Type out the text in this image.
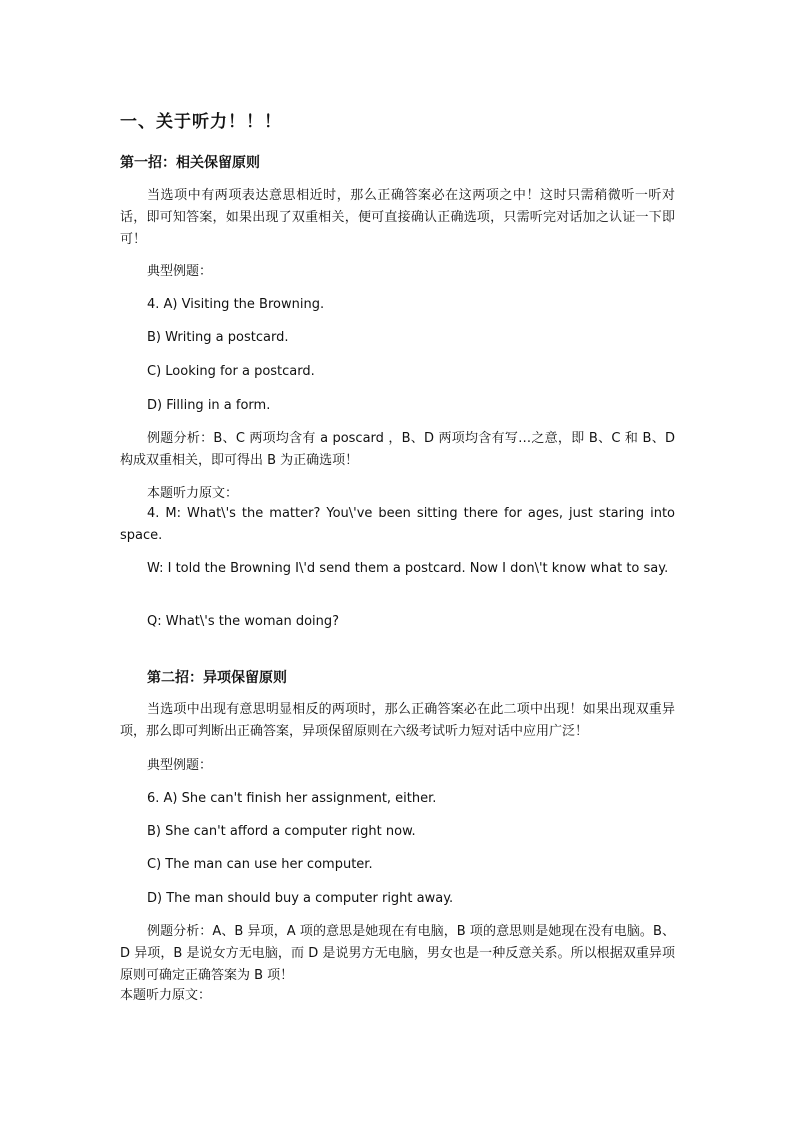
一、关于听力！！！
第一招：相关保留原则

当选项中有两项表达意思相近时，那么正确答案必在这两项之中！这时只需稍微听一听对话，即可知答案，如果出现了双重相关，便可直接确认正确选项，只需听完对话加之认证一下即可！

典型例题：

4. A) Visiting the Browning.

B) Writing a postcard.

C) Looking for a postcard.

D) Filling in a form.

例题分析：B、C 两项均含有 a poscard ，B、D 两项均含有写…之意，即 B、C 和 B、D 构成双重相关，即可得出 B 为正确选项！

本题听力原文：

4. M: What\'s the matter? You\'ve been sitting there for ages, just staring into space.

W: I told the Browning I\'d send them a postcard. Now I don\'t know what to say.

Q: What\'s the woman doing?

第二招：异项保留原则

当选项中出现有意思明显相反的两项时，那么正确答案必在此二项中出现！如果出现双重异项，那么即可判断出正确答案，异项保留原则在六级考试听力短对话中应用广泛！

典型例题：

6. A) She can't finish her assignment, either.

B) She can't afford a computer right now.

C) The man can use her computer.

D) The man should buy a computer right away.

例题分析：A、B 异项，A 项的意思是她现在有电脑，B 项的意思则是她现在没有电脑。B、D 异项，B 是说女方无电脑，而 D 是说男方无电脑，男女也是一种反意关系。所以根据双重异项原则可确定正确答案为 B 项！

本题听力原文：
